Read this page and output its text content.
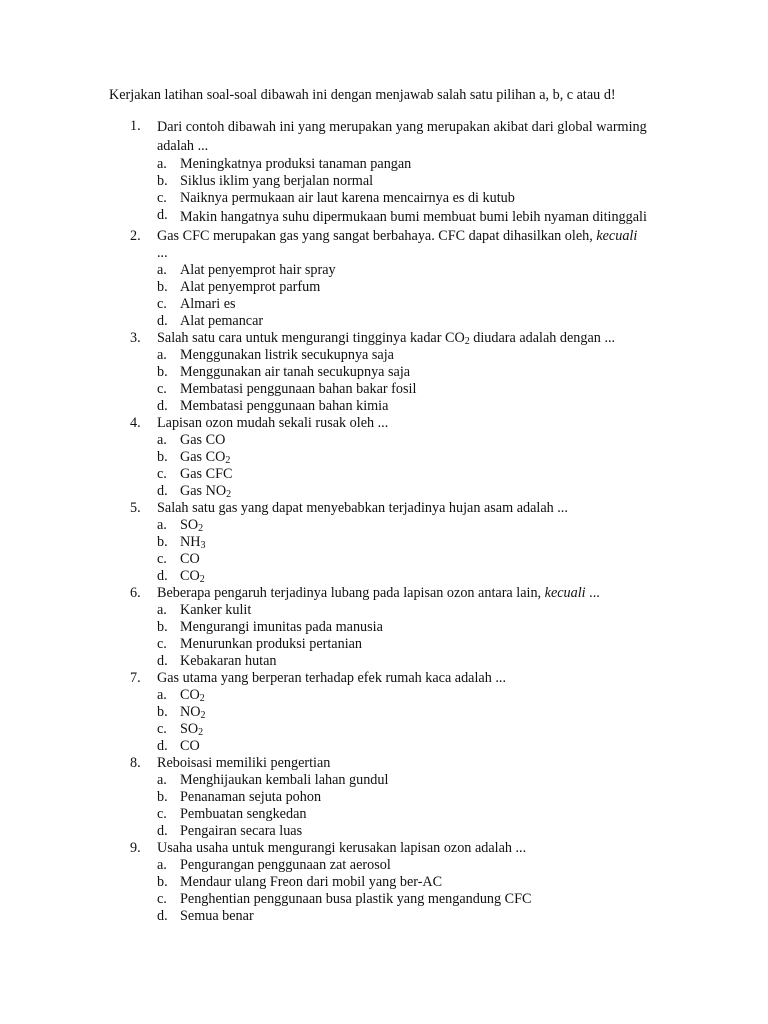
Kerjakan latihan soal-soal dibawah ini dengan menjawab salah satu pilihan a, b, c atau d!
1.	Dari contoh dibawah ini yang merupakan yang merupakan akibat dari global warming adalah ...
a. Meningkatnya produksi tanaman pangan
b. Siklus iklim yang berjalan normal
c. Naiknya permukaan air laut karena mencairnya es di kutub
d. Makin hangatnya suhu dipermukaan bumi membuat bumi lebih nyaman ditinggali
2.	Gas CFC merupakan gas yang sangat berbahaya. CFC dapat dihasilkan oleh, kecuali ...
a. Alat penyemprot hair spray
b. Alat penyemprot parfum
c. Almari es
d. Alat pemancar
3.	Salah satu cara untuk mengurangi tingginya kadar $CO_2$ diudara adalah dengan ...
a. Menggunakan listrik secukupnya saja
b. Menggunakan air tanah secukupnya saja
c. Membatasi penggunaan bahan bakar fosil
d. Membatasi penggunaan bahan kimia
4.	Lapisan ozon mudah sekali rusak oleh ...
a. Gas CO
b. Gas $CO_2$
c. Gas CFC
d. Gas $NO_2$
5.	Salah satu gas yang dapat menyebabkan terjadinya hujan asam adalah ...
a. $SO_2$
b. $NH_3$
c. CO
d. $CO_2$
6.	Beberapa pengaruh terjadinya lubang pada lapisan ozon antara lain, kecuali ...
a. Kanker kulit
b. Mengurangi imunitas pada manusia
c. Menurunkan produksi pertanian
d. Kebakaran hutan
7.	Gas utama yang berperan terhadap efek rumah kaca adalah ...
a. $CO_2$
b. $NO_2$
c. $SO_2$
d. CO
8.	Reboisasi memiliki pengertian
a. Menghijaukan kembali lahan gundul
b. Penanaman sejuta pohon
c. Pembuatan sengkedan
d. Pengairan secara luas
9.	Usaha usaha untuk mengurangi kerusakan lapisan ozon adalah ...
a. Pengurangan penggunaan zat aerosol
b. Mendaur ulang Freon dari mobil yang ber-AC
c. Penghentian penggunaan busa plastik yang mengandung CFC
d. Semua benar
